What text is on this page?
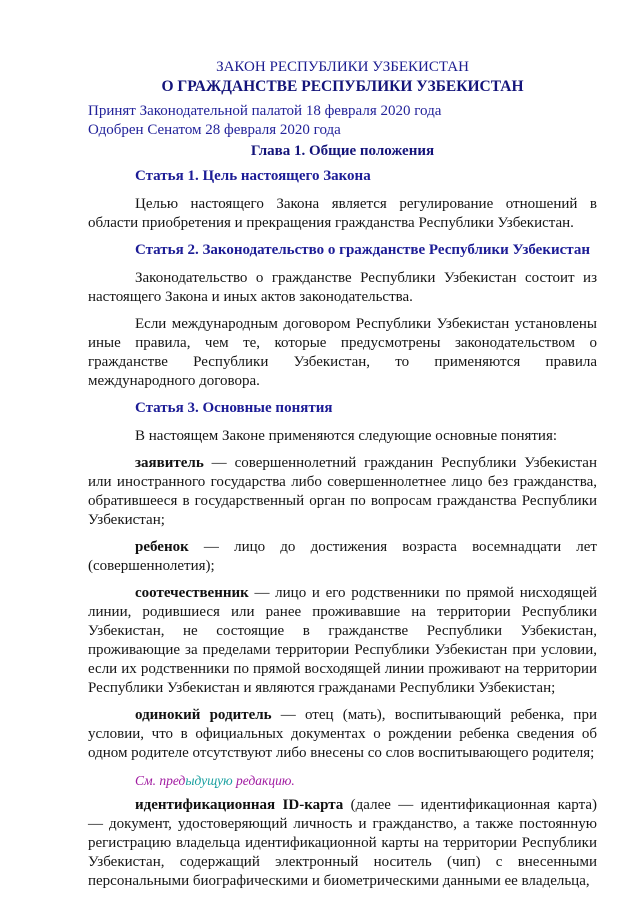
ЗАКОН РЕСПУБЛИКИ УЗБЕКИСТАН
О ГРАЖДАНСТВЕ РЕСПУБЛИКИ УЗБЕКИСТАН
Принят Законодательной палатой 18 февраля 2020 года
Одобрен Сенатом 28 февраля 2020 года
Глава 1. Общие положения
Статья 1. Цель настоящего Закона

Целью настоящего Закона является регулирование отношений в области приобретения и прекращения гражданства Республики Узбекистан.

Статья 2. Законодательство о гражданстве Республики Узбекистан

Законодательство о гражданстве Республики Узбекистан состоит из настоящего Закона и иных актов законодательства.

Если международным договором Республики Узбекистан установлены иные правила, чем те, которые предусмотрены законодательством о гражданстве Республики Узбекистан, то применяются правила международного договора.

Статья 3. Основные понятия

В настоящем Законе применяются следующие основные понятия:

заявитель — совершеннолетний гражданин Республики Узбекистан или иностранного государства либо совершеннолетнее лицо без гражданства, обратившееся в государственный орган по вопросам гражданства Республики Узбекистан;

ребенок — лицо до достижения возраста восемнадцати лет (совершеннолетия);

соотечественник — лицо и его родственники по прямой нисходящей линии, родившиеся или ранее проживавшие на территории Республики Узбекистан, не состоящие в гражданстве Республики Узбекистан, проживающие за пределами территории Республики Узбекистан при условии, если их родственники по прямой восходящей линии проживают на территории Республики Узбекистан и являются гражданами Республики Узбекистан;

одинокий родитель — отец (мать), воспитывающий ребенка, при условии, что в официальных документах о рождении ребенка сведения об одном родителе отсутствуют либо внесены со слов воспитывающего родителя;

См. предыдущую редакцию.

идентификационная ID-карта (далее — идентификационная карта) — документ, удостоверяющий личность и гражданство, а также постоянную регистрацию владельца идентификационной карты на территории Республики Узбекистан, содержащий электронный носитель (чип) с внесенными персональными биографическими и биометрическими данными ее владельца,
